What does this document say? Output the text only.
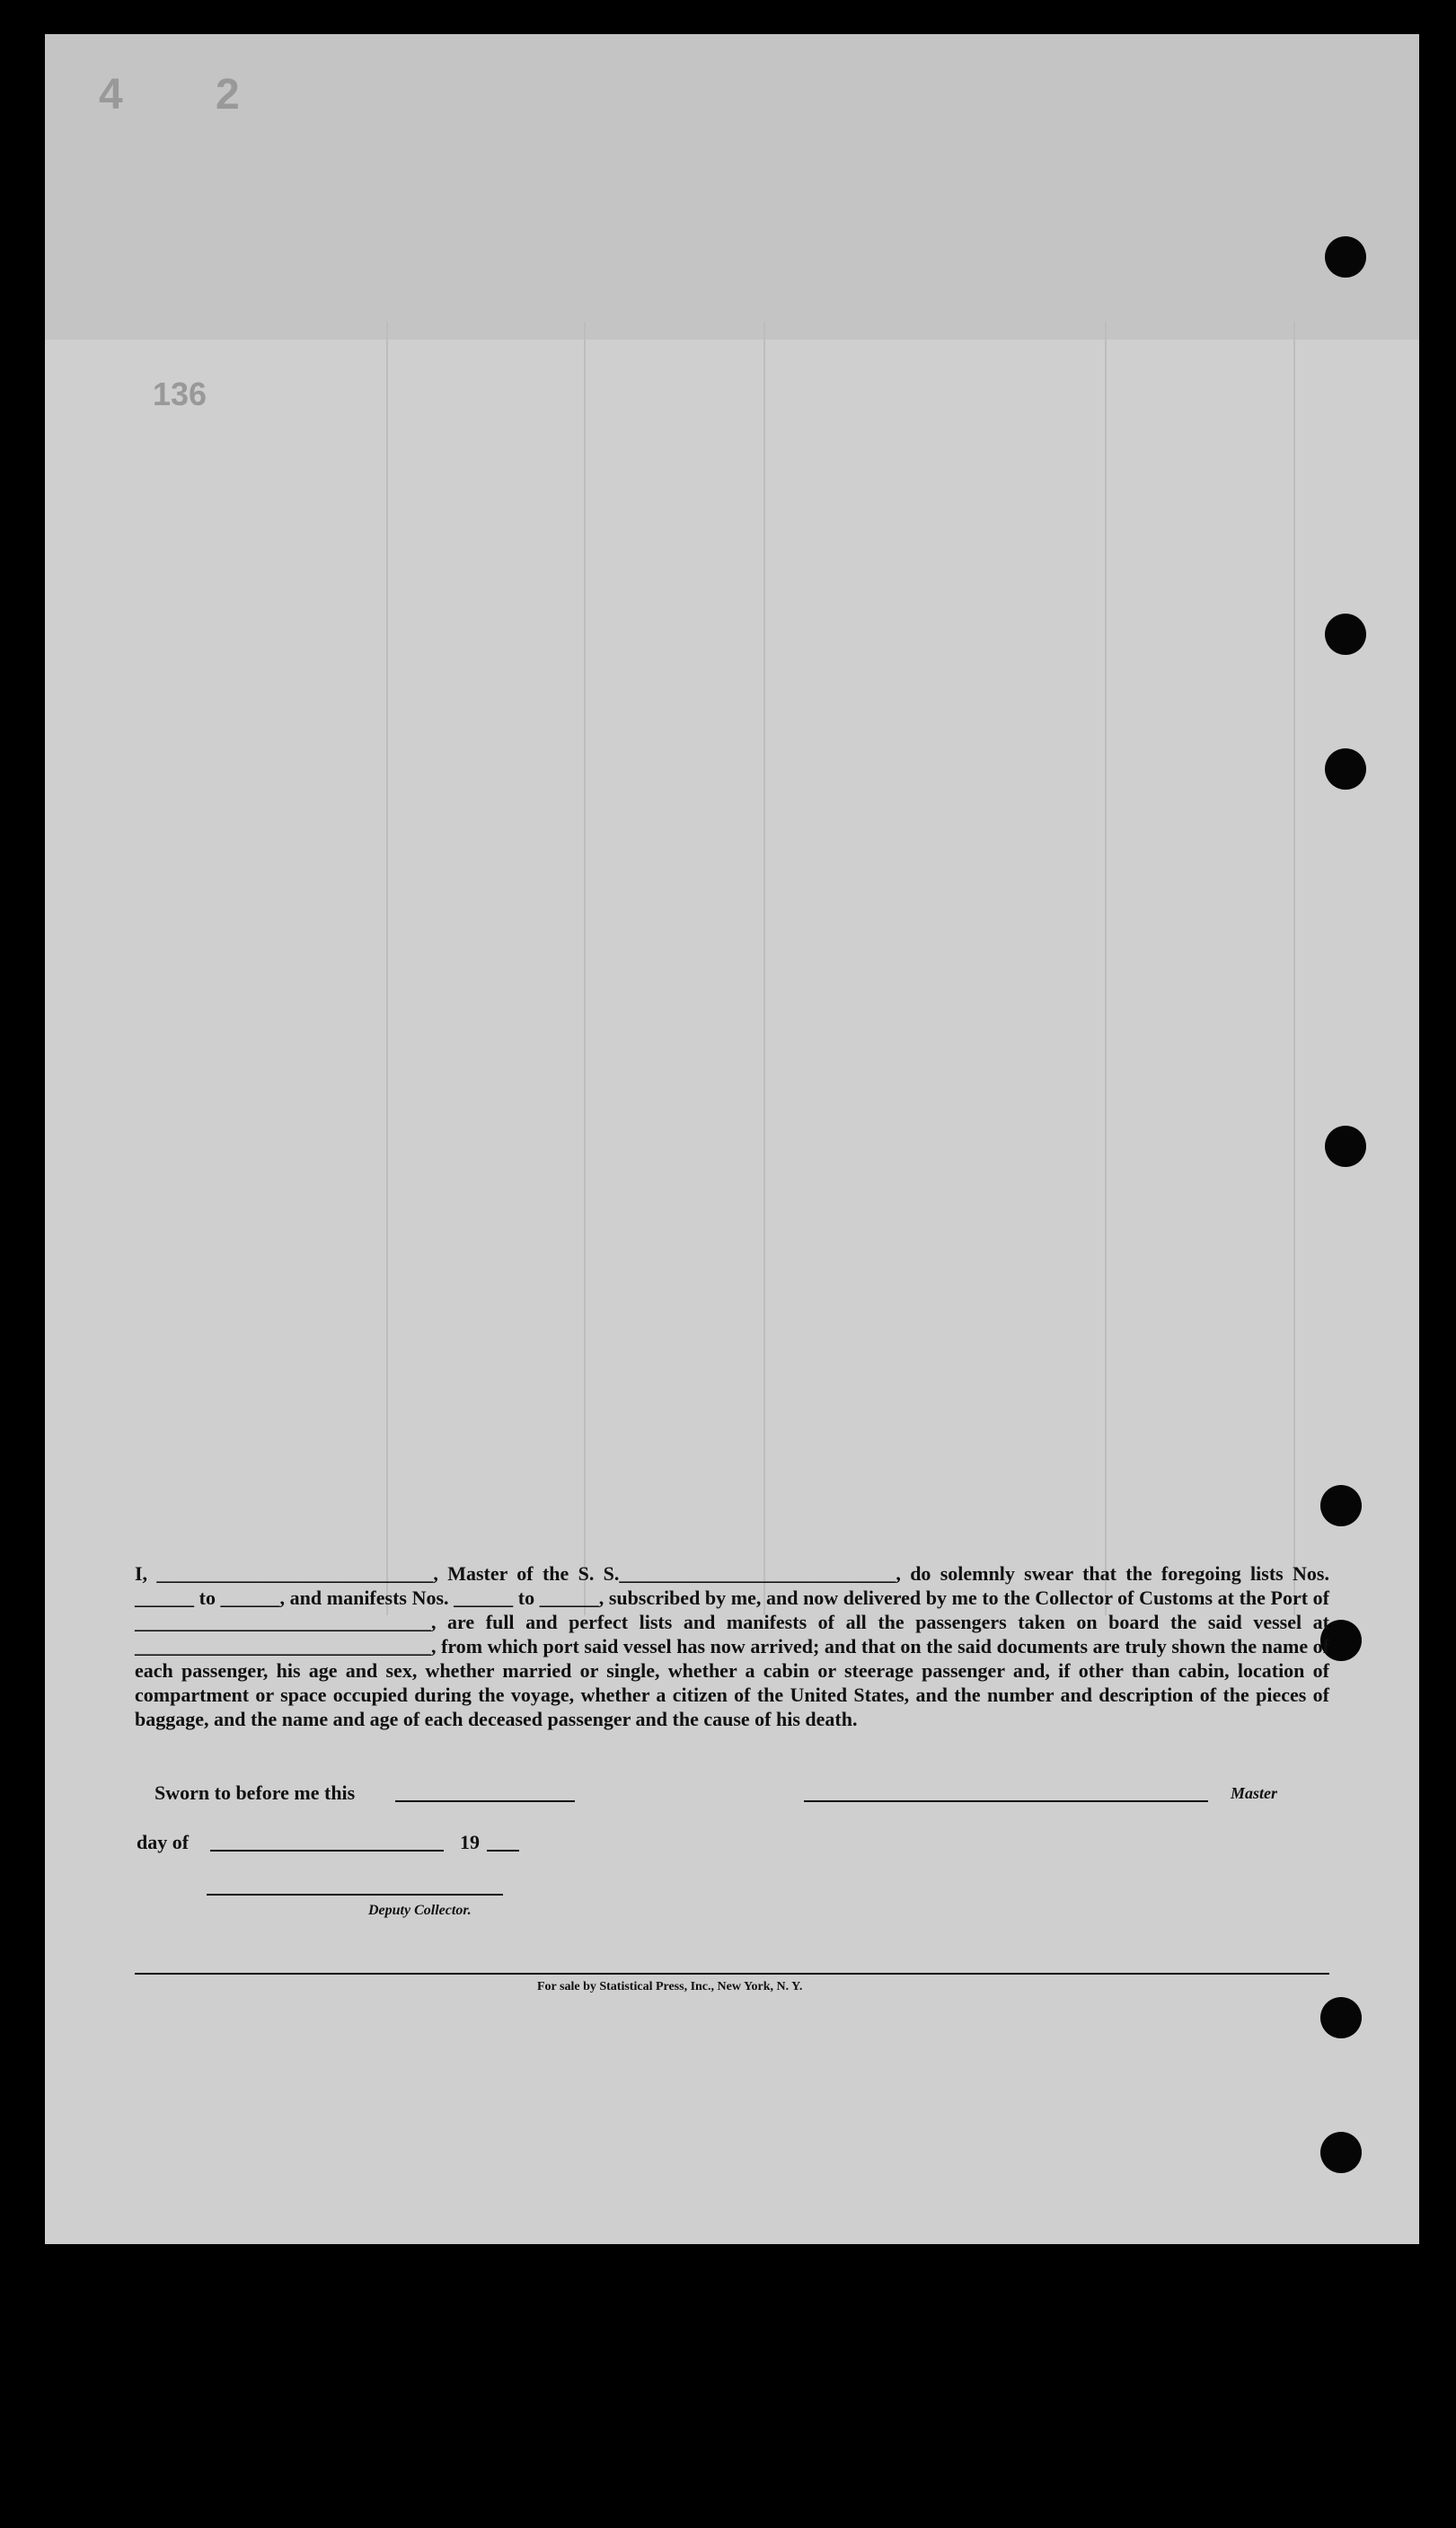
4 2
136
I, ____________________________, Master of the S. S.____________________________, do solemnly swear that the foregoing lists Nos. ______ to ______, and manifests Nos. ______ to ______, subscribed by me, and now delivered by me to the Collector of Customs at the Port of ______________________________, are full and perfect lists and manifests of all the passengers taken on board the said vessel at ______________________________, from which port said vessel has now arrived; and that on the said documents are truly shown the name of each passenger, his age and sex, whether married or single, whether a cabin or steerage passenger and, if other than cabin, location of compartment or space occupied during the voyage, whether a citizen of the United States, and the number and description of the pieces of baggage, and the name and age of each deceased passenger and the cause of his death.
Sworn to before me this	Master
day of	19
Deputy Collector.
For sale by Statistical Press, Inc., New York, N. Y.
